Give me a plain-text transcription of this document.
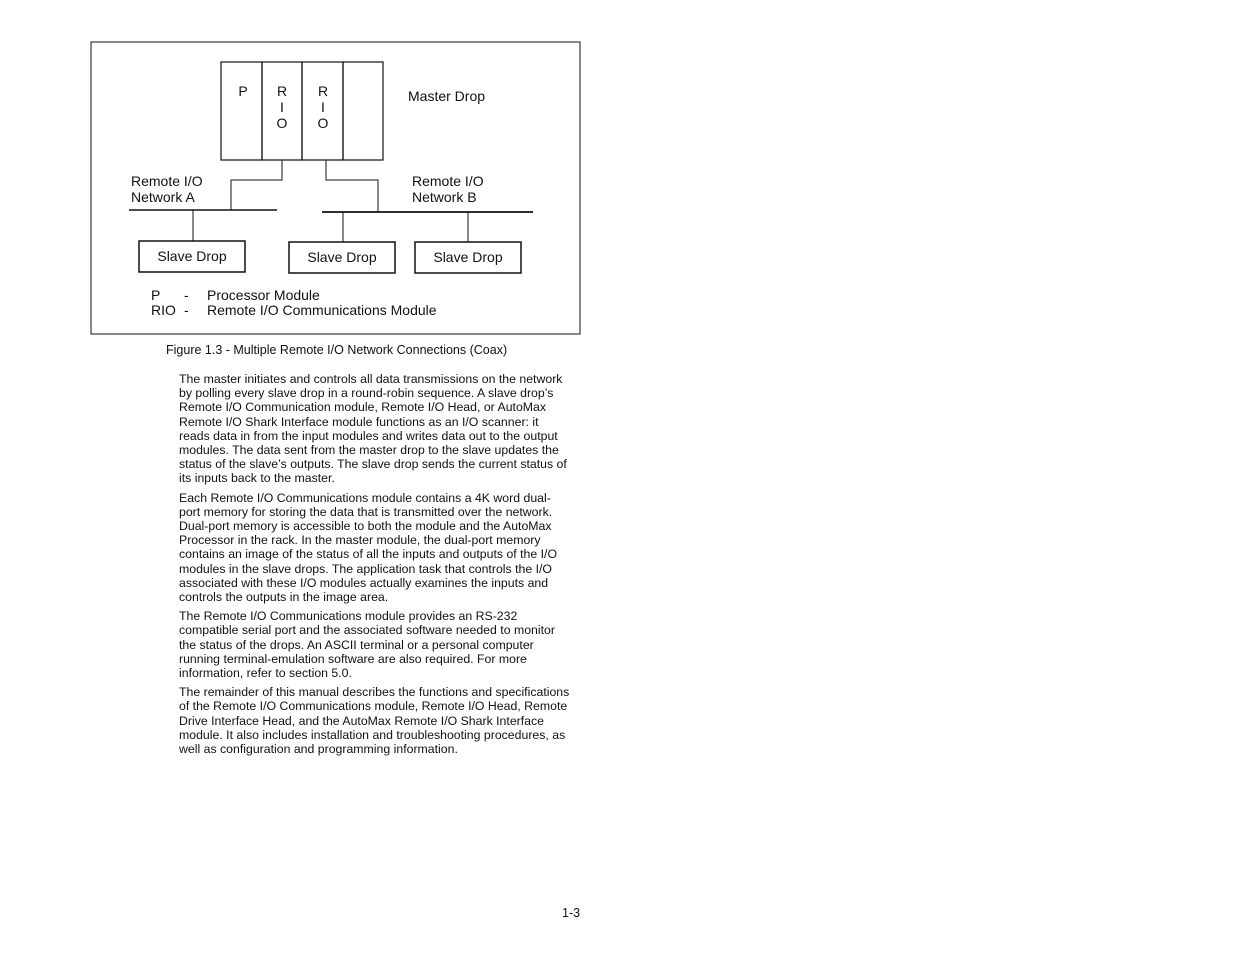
P R
I
O
R
I
O
Master Drop
Remote I/O
Network A
Remote I/O
Network B
Slave Drop	Slave Drop	Slave Drop
P - Processor Module
RIO - Remote I/O Communications Module
Figure 1.3 - Multiple Remote I/O Network Connections (Coax)

The master initiates and controls all data transmissions on the network by polling every slave drop in a round-robin sequence. A slave drop’s Remote I/O Communication module, Remote I/O Head, or AutoMax Remote I/O Shark Interface module functions as an I/O scanner: it reads data in from the input modules and writes data out to the output modules. The data sent from the master drop to the slave updates the status of the slave’s outputs. The slave drop sends the current status of its inputs back to the master.

Each Remote I/O Communications module contains a 4K word dual-port memory for storing the data that is transmitted over the network. Dual-port memory is accessible to both the module and the AutoMax Processor in the rack. In the master module, the dual-port memory contains an image of the status of all the inputs and outputs of the I/O modules in the slave drops. The application task that controls the I/O associated with these I/O modules actually examines the inputs and controls the outputs in the image area.

The Remote I/O Communications module provides an RS-232 compatible serial port and the associated software needed to monitor the status of the drops. An ASCII terminal or a personal computer running terminal-emulation software are also required. For more information, refer to section 5.0.

The remainder of this manual describes the functions and specifications of the Remote I/O Communications module, Remote I/O Head, Remote Drive Interface Head, and the AutoMax Remote I/O Shark Interface module. It also includes installation and troubleshooting procedures, as well as configuration and programming information.

1-3
